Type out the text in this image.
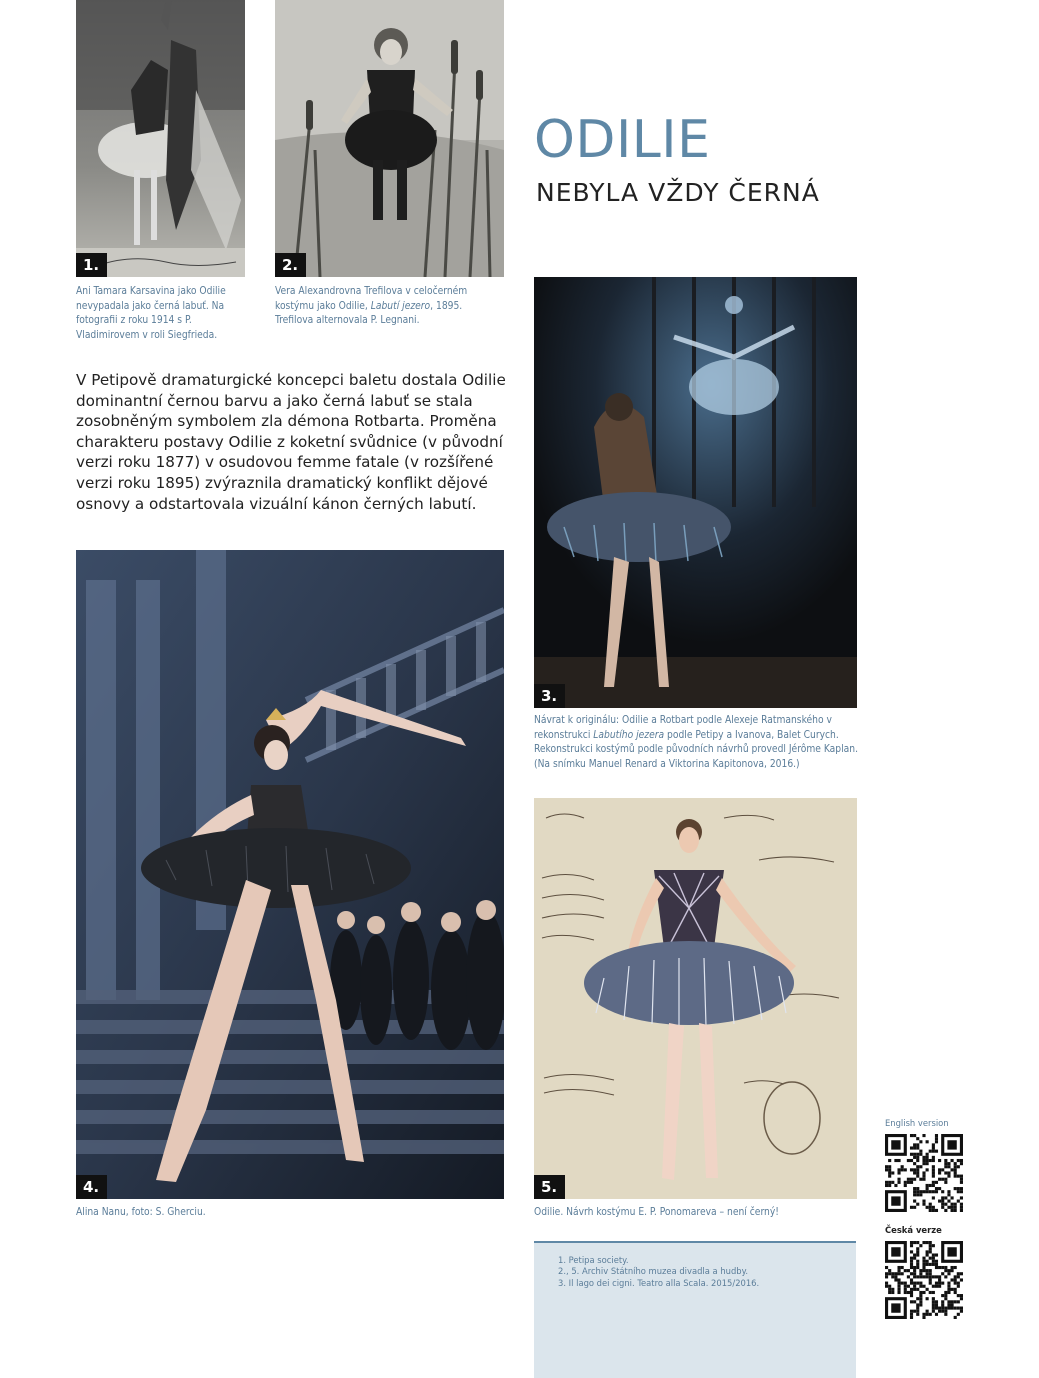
1.
Ani Tamara Karsavina jako Odilie nevypadala jako černá labuť. Na fotografii z roku 1914 s P. Vladimirovem v roli Siegfrieda.
2.
Vera Alexandrovna Trefilova v celočerném kostýmu jako Odilie, Labutí jezero, 1895. Trefilova alternovala P. Legnani.
ODILIE
NEBYLA VŽDY ČERNÁ
V Petipově dramaturgické koncepci baletu dostala Odilie dominantní černou barvu a jako černá labuť se stala zosobněným symbolem zla démona Rotbarta. Proměna charakteru postavy Odilie z koketní svůdnice (v původní verzi roku 1877) v osudovou femme fatale (v rozšířené verzi roku 1895) zvýraznila dramatický konflikt dějové osnovy a odstartovala vizuální kánon černých labutí.
3.
Návrat k originálu: Odilie a Rotbart podle Alexeje Ratmanského v rekonstrukci Labutího jezera podle Petipy a Ivanova, Balet Curych. Rekonstrukci kostýmů podle původních návrhů provedl Jérôme Kaplan. (Na snímku Manuel Renard a Viktorina Kapitonova, 2016.)
4.
Alina Nanu, foto: S. Gherciu.
5.
Odilie. Návrh kostýmu E. P. Ponomareva – není černý!
1. Petipa society.
2., 5. Archiv Státního muzea divadla a hudby.
3. Il lago dei cigni. Teatro alla Scala. 2015/2016.
English version
Česká verze
